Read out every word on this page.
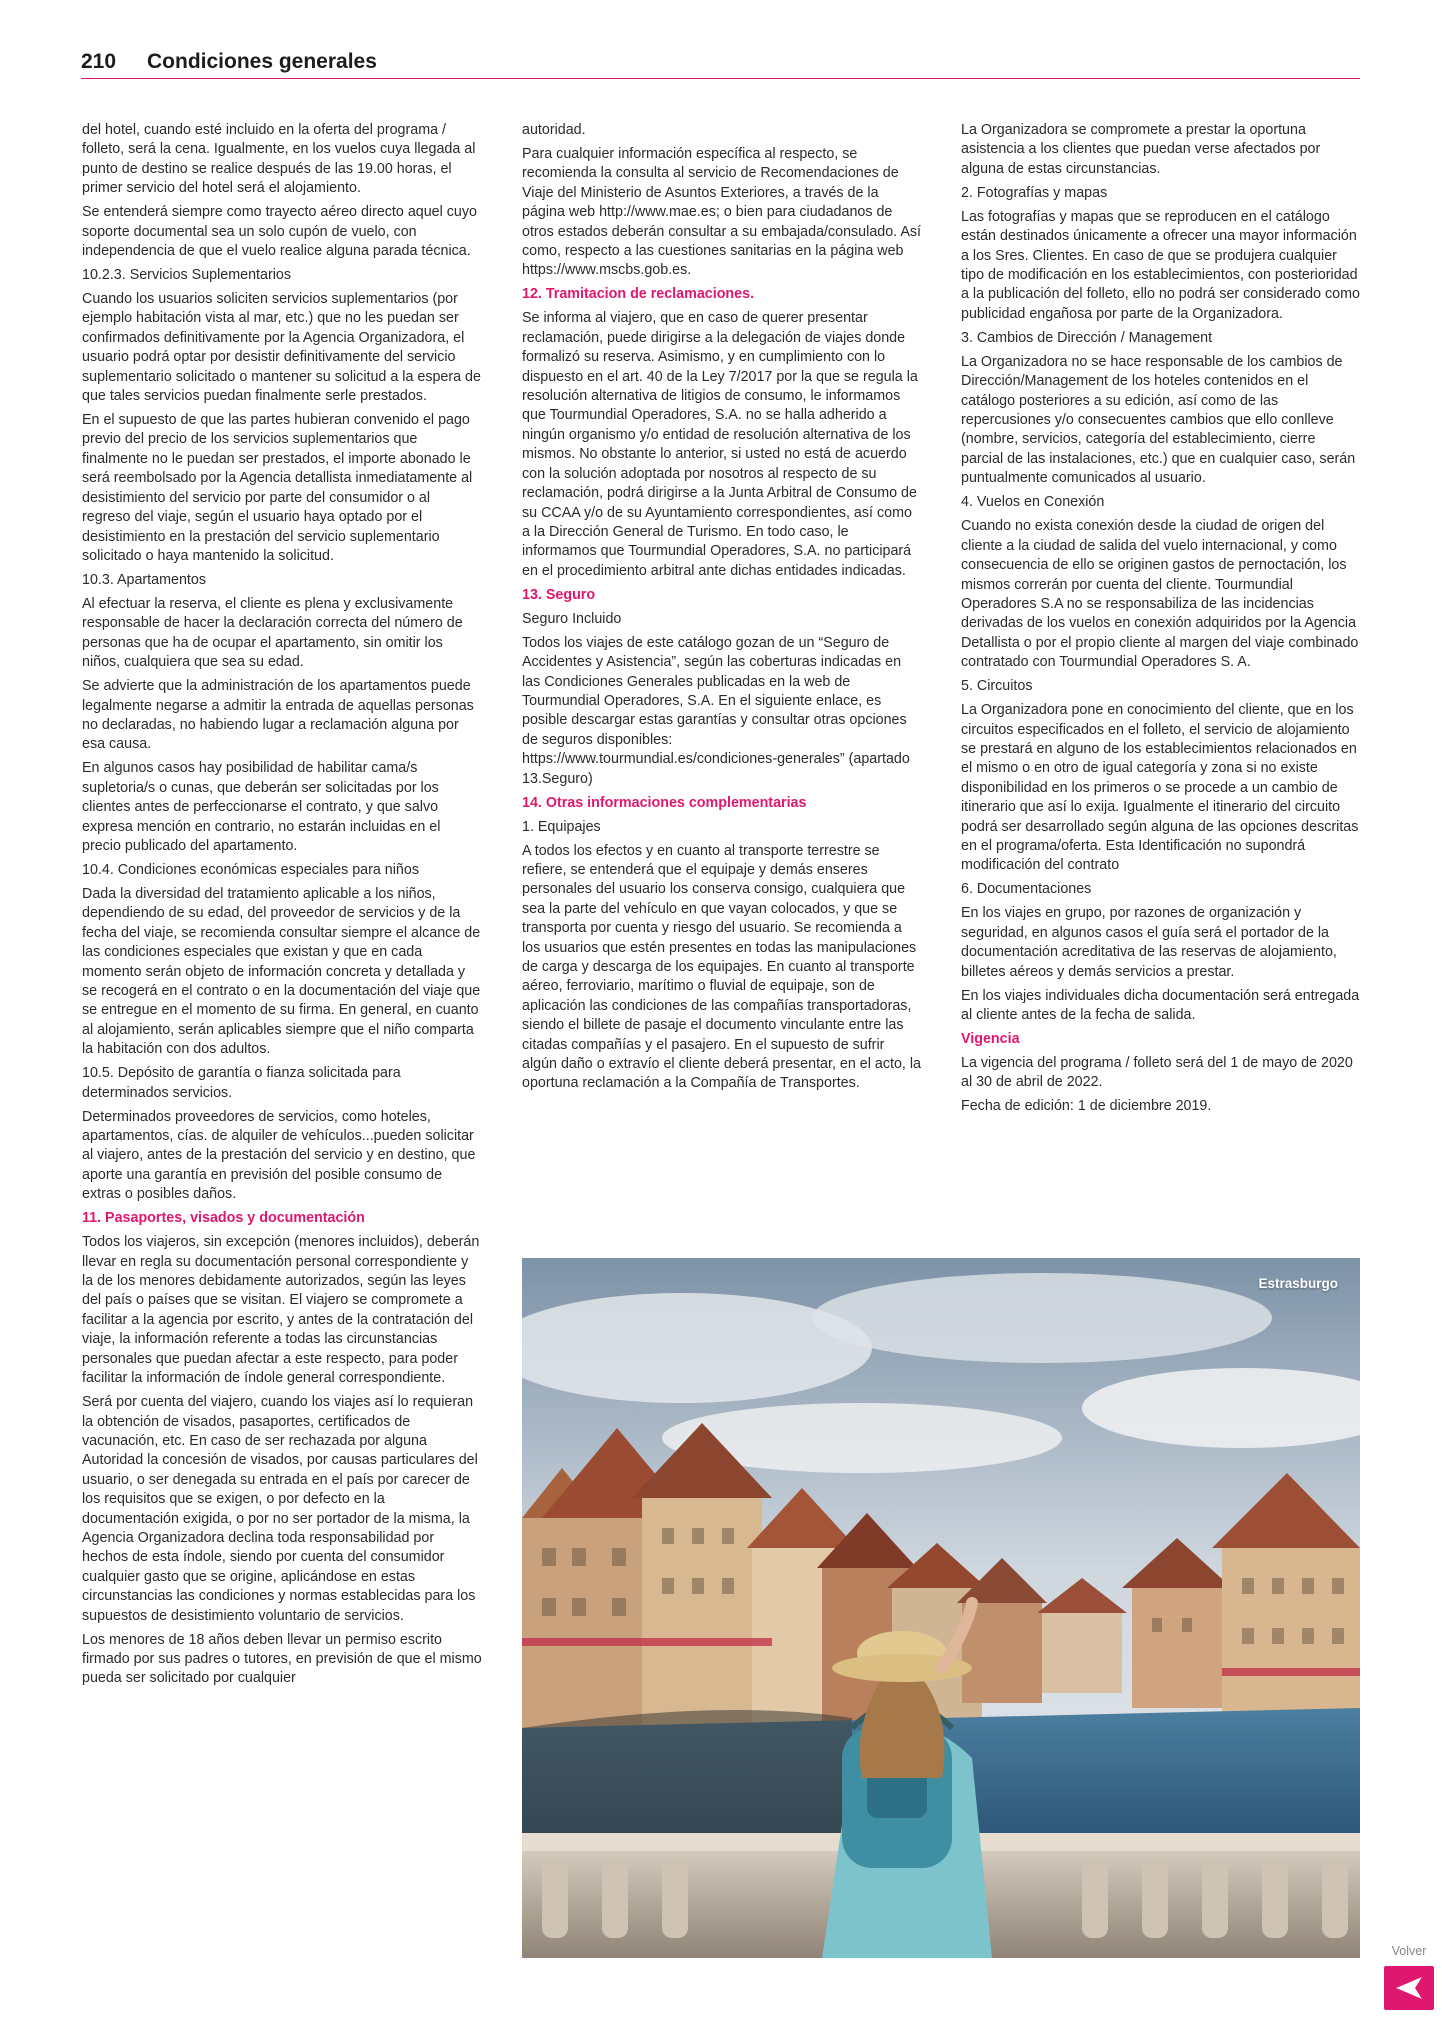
210 Condiciones generales
del hotel, cuando esté incluido en la oferta del programa / folleto, será la cena. Igualmente, en los vuelos cuya llegada al punto de destino se realice después de las 19.00 horas, el primer servicio del hotel será el alojamiento.
Se entenderá siempre como trayecto aéreo directo aquel cuyo soporte documental sea un solo cupón de vuelo, con independencia de que el vuelo realice alguna parada técnica.
10.2.3. Servicios Suplementarios
Cuando los usuarios soliciten servicios suplementarios (por ejemplo habitación vista al mar, etc.) que no les puedan ser confirmados definitivamente por la Agencia Organizadora, el usuario podrá optar por desistir definitivamente del servicio suplementario solicitado o mantener su solicitud a la espera de que tales servicios puedan finalmente serle prestados.
En el supuesto de que las partes hubieran convenido el pago previo del precio de los servicios suplementarios que finalmente no le puedan ser prestados, el importe abonado le será reembolsado por la Agencia detallista inmediatamente al desistimiento del servicio por parte del consumidor o al regreso del viaje, según el usuario haya optado por el desistimiento en la prestación del servicio suplementario solicitado o haya mantenido la solicitud.
10.3. Apartamentos
Al efectuar la reserva, el cliente es plena y exclusivamente responsable de hacer la declaración correcta del número de personas que ha de ocupar el apartamento, sin omitir los niños, cualquiera que sea su edad.
Se advierte que la administración de los apartamentos puede legalmente negarse a admitir la entrada de aquellas personas no declaradas, no habiendo lugar a reclamación alguna por esa causa.
En algunos casos hay posibilidad de habilitar cama/s supletoria/s o cunas, que deberán ser solicitadas por los clientes antes de perfeccionarse el contrato, y que salvo expresa mención en contrario, no estarán incluidas en el precio publicado del apartamento.
10.4. Condiciones económicas especiales para niños
Dada la diversidad del tratamiento aplicable a los niños, dependiendo de su edad, del proveedor de servicios y de la fecha del viaje, se recomienda consultar siempre el alcance de las condiciones especiales que existan y que en cada momento serán objeto de información concreta y detallada y se recogerá en el contrato o en la documentación del viaje que se entregue en el momento de su firma. En general, en cuanto al alojamiento, serán aplicables siempre que el niño comparta la habitación con dos adultos.
10.5. Depósito de garantía o fianza solicitada para determinados servicios.
Determinados proveedores de servicios, como hoteles, apartamentos, cías. de alquiler de vehículos...pueden solicitar al viajero, antes de la prestación del servicio y en destino, que aporte una garantía en previsión del posible consumo de extras o posibles daños.
11. Pasaportes, visados y documentación
Todos los viajeros, sin excepción (menores incluidos), deberán llevar en regla su documentación personal correspondiente y la de los menores debidamente autorizados, según las leyes del país o países que se visitan. El viajero se compromete a facilitar a la agencia por escrito, y antes de la contratación del viaje, la información referente a todas las circunstancias personales que puedan afectar a este respecto, para poder facilitar la información de índole general correspondiente.
Será por cuenta del viajero, cuando los viajes así lo requieran la obtención de visados, pasaportes, certificados de vacunación, etc. En caso de ser rechazada por alguna Autoridad la concesión de visados, por causas particulares del usuario, o ser denegada su entrada en el país por carecer de los requisitos que se exigen, o por defecto en la documentación exigida, o por no ser portador de la misma, la Agencia Organizadora declina toda responsabilidad por hechos de esta índole, siendo por cuenta del consumidor cualquier gasto que se origine, aplicándose en estas circunstancias las condiciones y normas establecidas para los supuestos de desistimiento voluntario de servicios.
Los menores de 18 años deben llevar un permiso escrito firmado por sus padres o tutores, en previsión de que el mismo pueda ser solicitado por cualquier
autoridad.
Para cualquier información específica al respecto, se recomienda la consulta al servicio de Recomendaciones de Viaje del Ministerio de Asuntos Exteriores, a través de la página web http://www.mae.es; o bien para ciudadanos de otros estados deberán consultar a su embajada/consulado. Así como, respecto a las cuestiones sanitarias en la página web https://www.mscbs.gob.es.
12. Tramitacion de reclamaciones.
Se informa al viajero, que en caso de querer presentar reclamación, puede dirigirse a la delegación de viajes donde formalizó su reserva. Asimismo, y en cumplimiento con lo dispuesto en el art. 40 de la Ley 7/2017 por la que se regula la resolución alternativa de litigios de consumo, le informamos que Tourmundial Operadores, S.A. no se halla adherido a ningún organismo y/o entidad de resolución alternativa de los mismos. No obstante lo anterior, si usted no está de acuerdo con la solución adoptada por nosotros al respecto de su reclamación, podrá dirigirse a la Junta Arbitral de Consumo de su CCAA y/o de su Ayuntamiento correspondientes, así como a la Dirección General de Turismo. En todo caso, le informamos que Tourmundial Operadores, S.A. no participará en el procedimiento arbitral ante dichas entidades indicadas.
13. Seguro
Seguro Incluido
Todos los viajes de este catálogo gozan de un “Seguro de Accidentes y Asistencia”, según las coberturas indicadas en las Condiciones Generales publicadas en la web de Tourmundial Operadores, S.A. En el siguiente enlace, es posible descargar estas garantías y consultar otras opciones de seguros disponibles: https://www.tourmundial.es/condiciones-generales” (apartado 13.Seguro)
14. Otras informaciones complementarias
1. Equipajes
A todos los efectos y en cuanto al transporte terrestre se refiere, se entenderá que el equipaje y demás enseres personales del usuario los conserva consigo, cualquiera que sea la parte del vehículo en que vayan colocados, y que se transporta por cuenta y riesgo del usuario. Se recomienda a los usuarios que estén presentes en todas las manipulaciones de carga y descarga de los equipajes. En cuanto al transporte aéreo, ferroviario, marítimo o fluvial de equipaje, son de aplicación las condiciones de las compañías transportadoras, siendo el billete de pasaje el documento vinculante entre las citadas compañías y el pasajero. En el supuesto de sufrir algún daño o extravío el cliente deberá presentar, en el acto, la oportuna reclamación a la Compañía de Transportes.
La Organizadora se compromete a prestar la oportuna asistencia a los clientes que puedan verse afectados por alguna de estas circunstancias.
2. Fotografías y mapas
Las fotografías y mapas que se reproducen en el catálogo están destinados únicamente a ofrecer una mayor información a los Sres. Clientes. En caso de que se produjera cualquier tipo de modificación en los establecimientos, con posterioridad a la publicación del folleto, ello no podrá ser considerado como publicidad engañosa por parte de la Organizadora.
3. Cambios de Dirección / Management
La Organizadora no se hace responsable de los cambios de Dirección/Management de los hoteles contenidos en el catálogo posteriores a su edición, así como de las repercusiones y/o consecuentes cambios que ello conlleve (nombre, servicios, categoría del establecimiento, cierre parcial de las instalaciones, etc.) que en cualquier caso, serán puntualmente comunicados al usuario.
4. Vuelos en Conexión
Cuando no exista conexión desde la ciudad de origen del cliente a la ciudad de salida del vuelo internacional, y como consecuencia de ello se originen gastos de pernoctación, los mismos correrán por cuenta del cliente. Tourmundial Operadores S.A no se responsabiliza de las incidencias derivadas de los vuelos en conexión adquiridos por la Agencia Detallista o por el propio cliente al margen del viaje combinado contratado con Tourmundial Operadores S. A.
5. Circuitos
La Organizadora pone en conocimiento del cliente, que en los circuitos especificados en el folleto, el servicio de alojamiento se prestará en alguno de los establecimientos relacionados en el mismo o en otro de igual categoría y zona si no existe disponibilidad en los primeros o se procede a un cambio de itinerario que así lo exija. Igualmente el itinerario del circuito podrá ser desarrollado según alguna de las opciones descritas en el programa/oferta. Esta Identificación no supondrá modificación del contrato
6. Documentaciones
En los viajes en grupo, por razones de organización y seguridad, en algunos casos el guía será el portador de la documentación acreditativa de las reservas de alojamiento, billetes aéreos y demás servicios a prestar.
En los viajes individuales dicha documentación será entregada al cliente antes de la fecha de salida.
Vigencia
La vigencia del programa / folleto será del 1 de mayo de 2020 al 30 de abril de 2022.
Fecha de edición: 1 de diciembre 2019.
Estrasburgo
Volver
